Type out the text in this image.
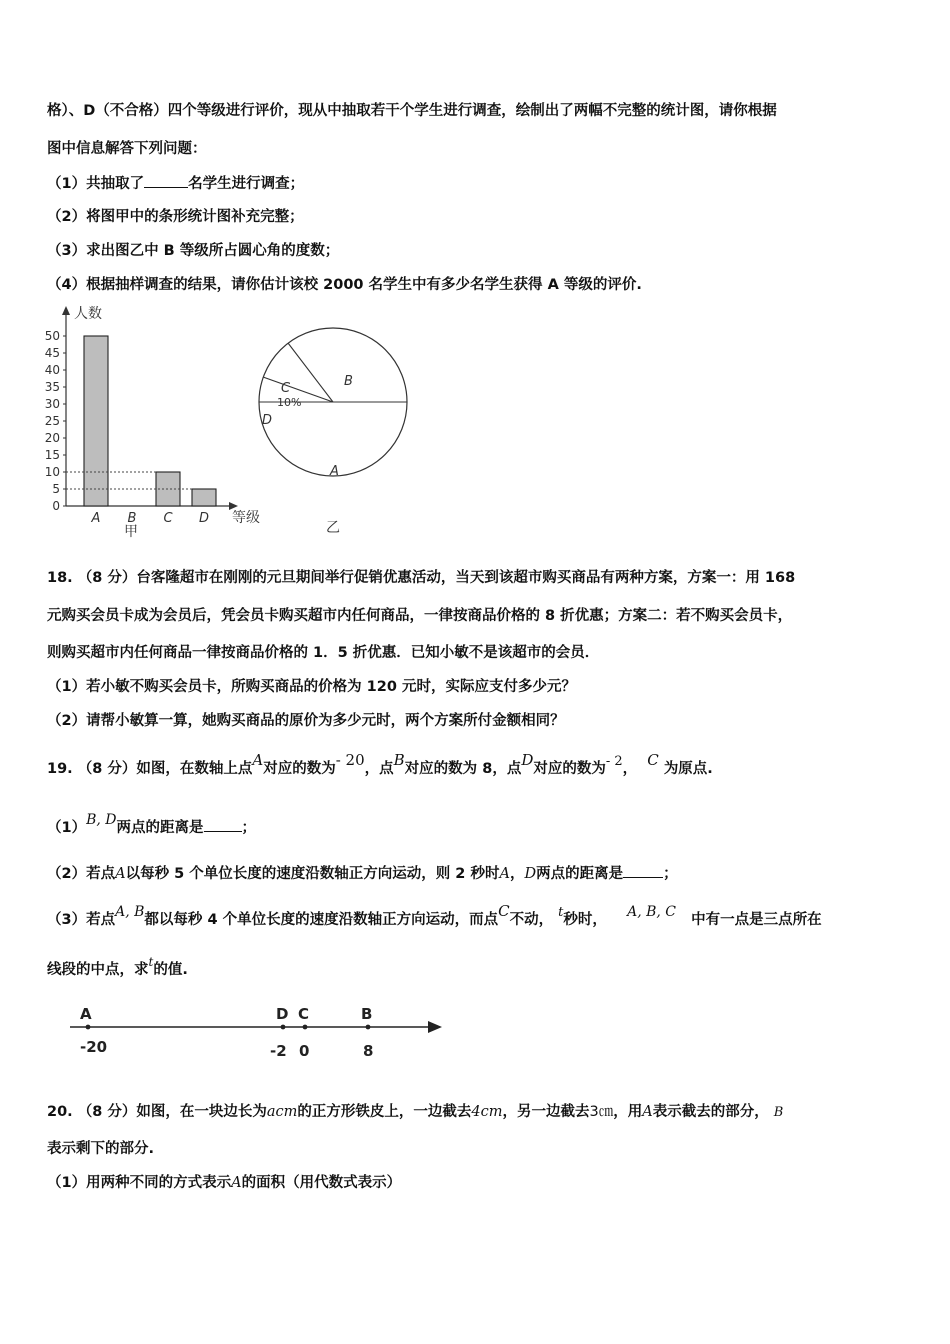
格）、D（不合格）四个等级进行评价，现从中抽取若干个学生进行调查，绘制出了两幅不完整的统计图，请你根据
图中信息解答下列问题：
（1）共抽取了	名学生进行调查；
（2）将图甲中的条形统计图补充完整；
（3）求出图乙中 B 等级所占圆心角的度数；
（4）根据抽样调查的结果，请你估计该校 2000 名学生中有多少名学生获得 A 等级的评价.
人数
等级
甲
0
5
10
15
20
25
30
35
40
45
50
A B C D
A
B
C
10%
D
乙
18. （8 分）台客隆超市在刚刚的元旦期间举行促销优惠活动，当天到该超市购买商品有两种方案，方案一：用 168
元购买会员卡成为会员后，凭会员卡购买超市内任何商品，一律按商品价格的 8 折优惠；方案二：若不购买会员卡，
则购买超市内任何商品一律按商品价格的 1．5 折优惠．已知小敏不是该超市的会员．
（1）若小敏不购买会员卡，所购买商品的价格为 120 元时，实际应支付多少元？
（2）请帮小敏算一算，她购买商品的原价为多少元时，两个方案所付金额相同？
19. （8 分）如图，在数轴上点A对应的数为- 20，点B对应的数为 8，点D对应的数为- 2， C 为原点.
（1）B, D两点的距离是	；
（2）若点A以每秒 5 个单位长度的速度沿数轴正方向运动，则 2 秒时A，D两点的距离是	；
（3）若点A, B都以每秒 4 个单位长度的速度沿数轴正方向运动，而点C不动， t秒时， A, B, C 中有一点是三点所在
线段的中点，求$^t$的值.
A	D C	B
-20	-2 0	8
20. （8 分）如图，在一块边长为acm的正方形铁皮上，一边截去4cm，另一边截去3㎝，用A表示截去的部分， B
表示剩下的部分.
（1）用两种不同的方式表示A的面积（用代数式表示）
